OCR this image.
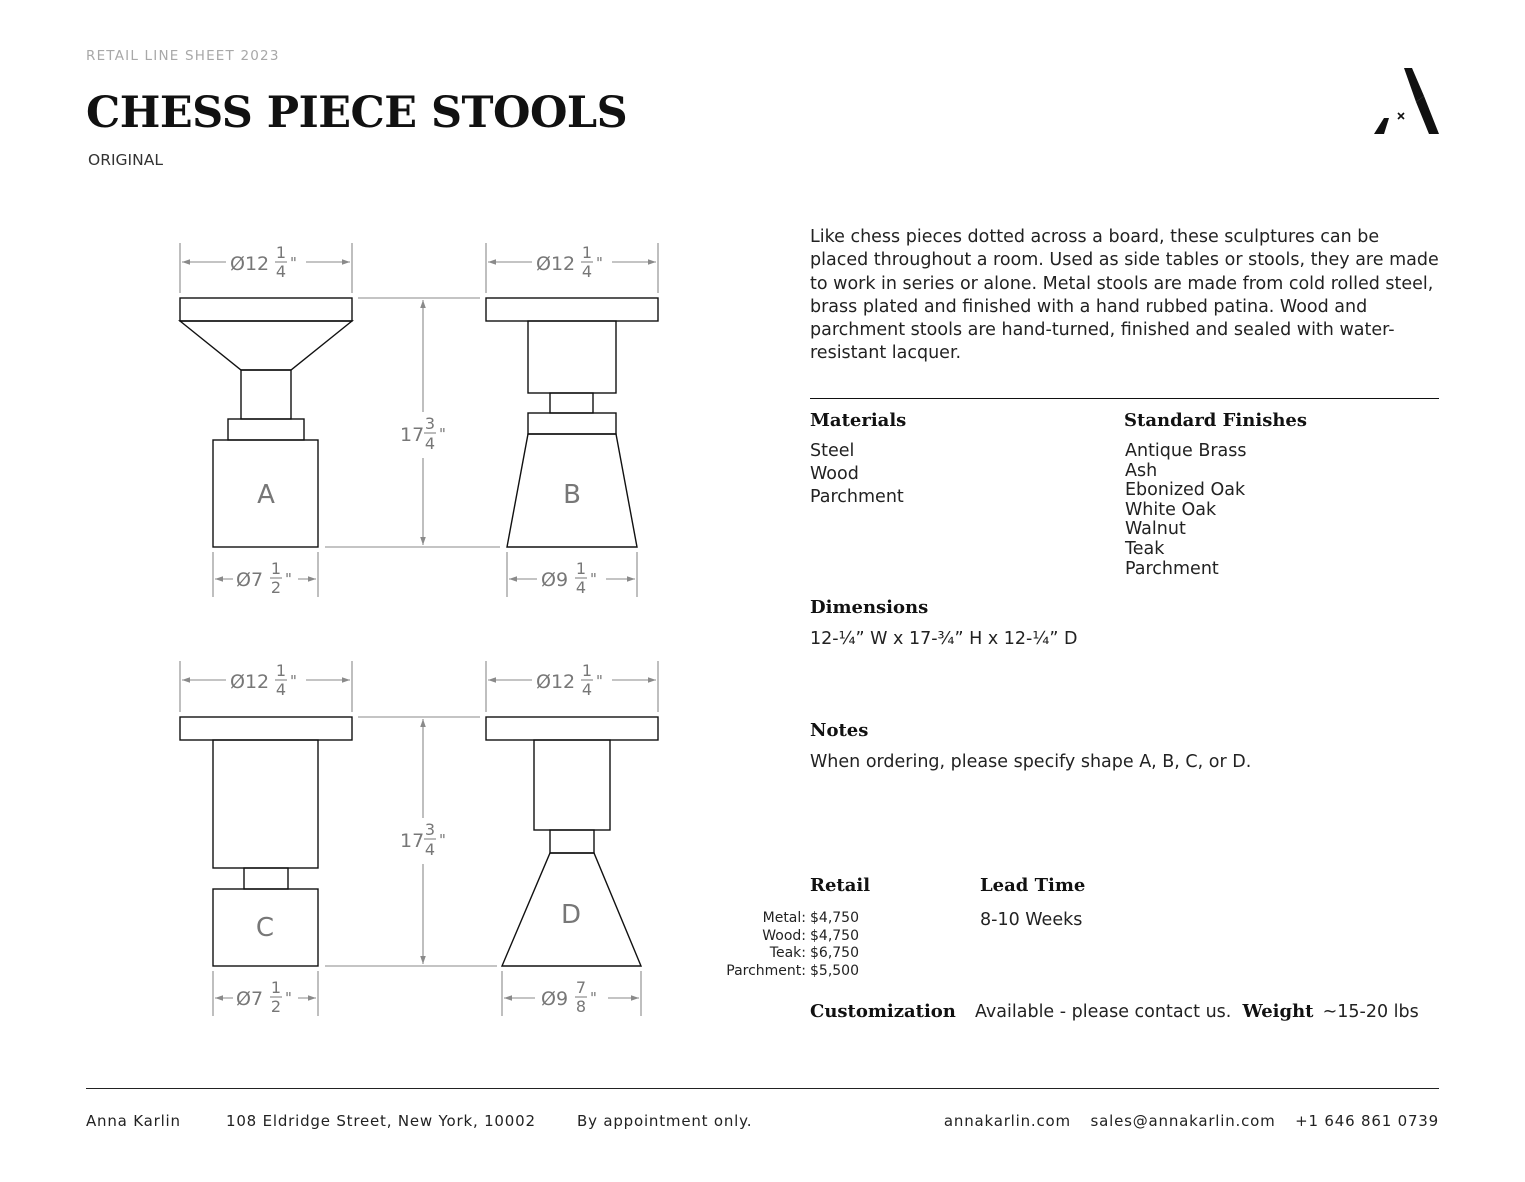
RETAIL LINE SHEET 2023
CHESS PIECE STOOLS
ORIGINAL
A	B
C	D
Ø12
1
4 "	Ø12
1
4 "
17
3
4 "
Ø7
1
2 "	Ø9
1
4 "
Ø12
1
4 "	Ø12
1
4 "
17
3
4 "
Ø7
1
2 "	Ø9
7
8 "
Like chess pieces dotted across a board, these sculptures can be placed throughout a room. Used as side tables or stools, they are made to work in series or alone. Metal stools are made from cold rolled steel, brass plated and finished with a hand rubbed patina. Wood and parchment stools are hand-turned, finished and sealed with water-resistant lacquer.
Materials
Steel
Wood
Parchment
Standard Finishes
Antique Brass
Ash
Ebonized Oak
White Oak
Walnut
Teak
Parchment
Dimensions
12-¼” W x 17-¾” H x 12-¼” D
Notes
When ordering, please specify shape A, B, C, or D.
Retail
Metal: $4,750
Wood: $4,750
Teak: $6,750
Parchment: $5,500
Lead Time
8-10 Weeks
Customization Available - please contact us. Weight ~15-20 lbs
Anna Karlin	108 Eldridge Street, New York, 10002	By appointment only.	annakarlin.com sales@annakarlin.com +1 646 861 0739
